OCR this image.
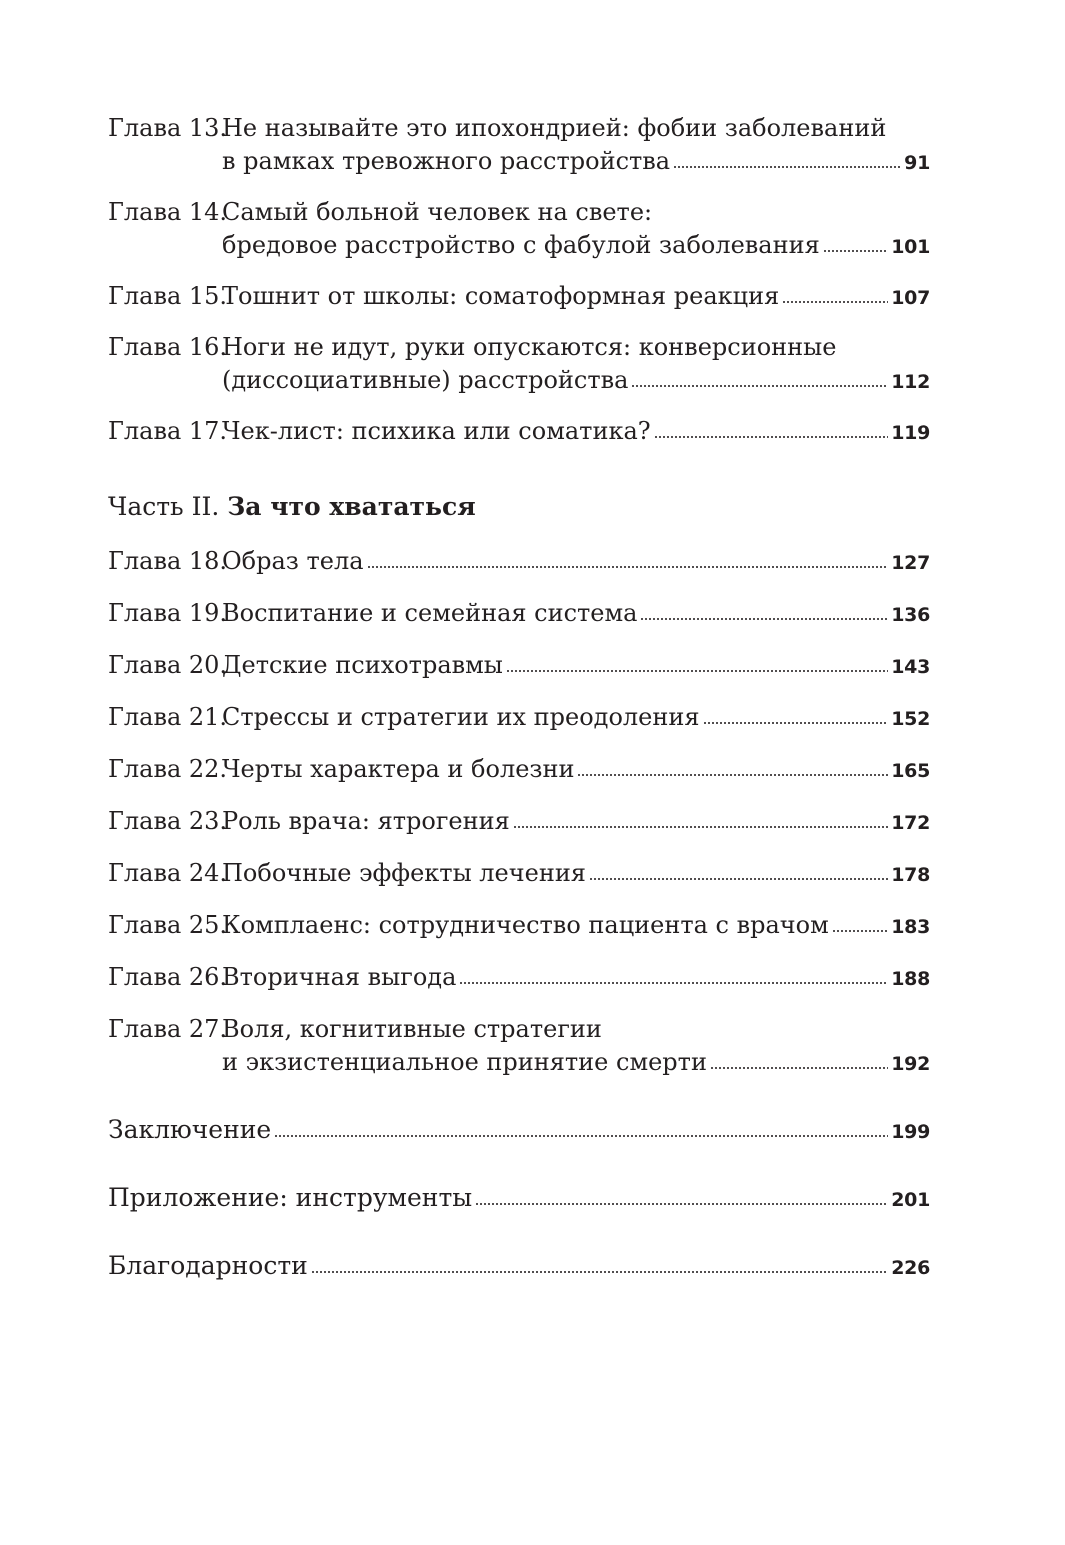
Глава 13.
Не называйте это ипохондрией: фобии заболеваний
в рамках тревожного расстройства	91
Глава 14.
Самый больной человек на свете:
бредовое расстройство с фабулой заболевания	101
Глава 15.
Тошнит от школы: соматоформная реакция	107
Глава 16.
Ноги не идут, руки опускаются: конверсионные
(диссоциативные) расстройства	112
Глава 17.
Чек-лист: психика или соматика?	119
Часть II. За что хвататься
Глава 18.
Образ тела	127
Глава 19.
Воспитание и семейная система	136
Глава 20.
Детские психотравмы	143
Глава 21.
Стрессы и стратегии их преодоления	152
Глава 22.
Черты характера и болезни	165
Глава 23.
Роль врача: ятрогения	172
Глава 24.
Побочные эффекты лечения	178
Глава 25.
Комплаенс: сотрудничество пациента с врачом	183
Глава 26.
Вторичная выгода	188
Глава 27.
Воля, когнитивные стратегии
и экзистенциальное принятие смерти	192
Заключение	199
Приложение: инструменты	201
Благодарности	226
